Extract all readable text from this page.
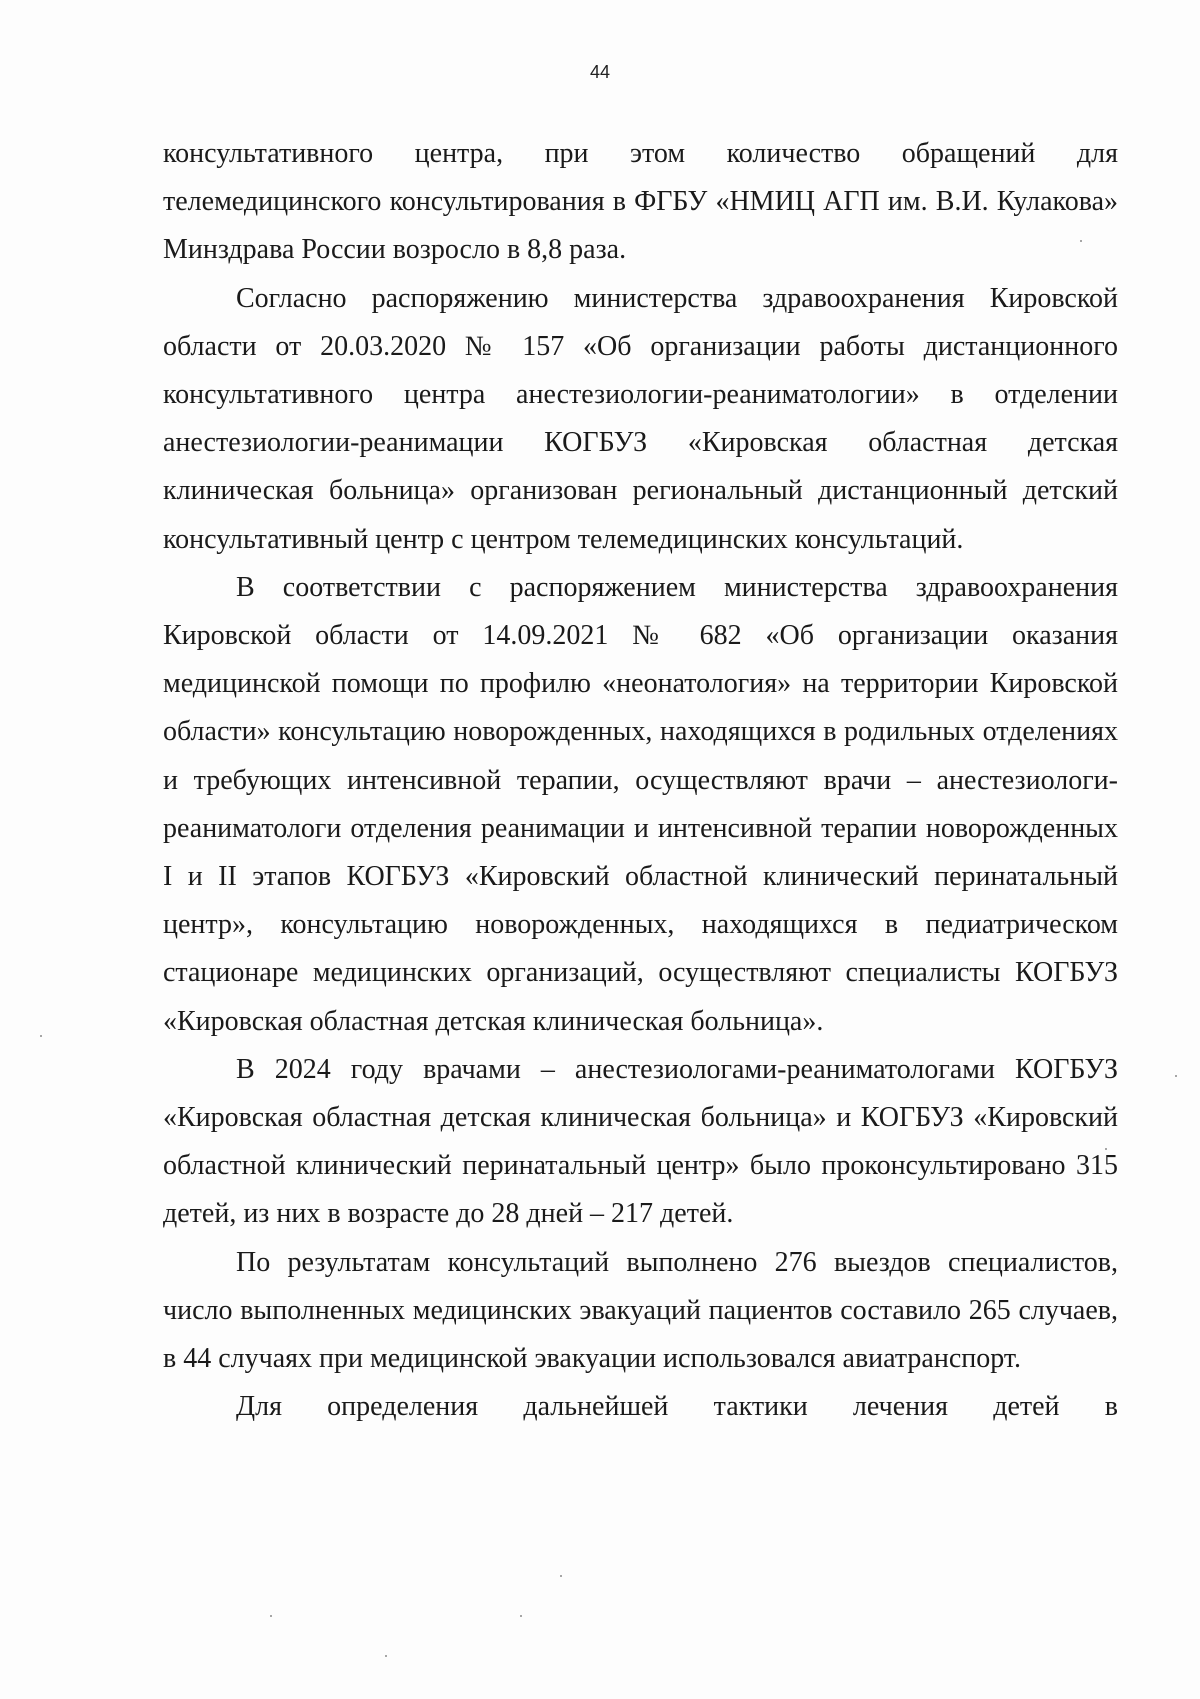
44

консультативного центра, при этом количество обращений для телемедицинского консультирования в ФГБУ «НМИЦ АГП им. В.И. Кулакова» Минздрава России возросло в 8,8 раза.

Согласно распоряжению министерства здравоохранения Кировской области от 20.03.2020 № 157 «Об организации работы дистанционного консультативного центра анестезиологии-реаниматологии» в отделении анестезиологии-реанимации КОГБУЗ «Кировская областная детская клиническая больница» организован региональный дистанционный детский консультативный центр с центром телемедицинских консультаций.

В соответствии с распоряжением министерства здравоохранения Кировской области от 14.09.2021 № 682 «Об организации оказания медицинской помощи по профилю «неонатология» на территории Кировской области» консультацию новорожденных, находящихся в родильных отделениях и требующих интенсивной терапии, осуществляют врачи – анестезиологи-реаниматологи отделения реанимации и интенсивной терапии новорожденных I и II этапов КОГБУЗ «Кировский областной клинический перинатальный центр», консультацию новорожденных, находящихся в педиатрическом стационаре медицинских организаций, осуществляют специалисты КОГБУЗ «Кировская областная детская клиническая больница».

В 2024 году врачами – анестезиологами-реаниматологами КОГБУЗ «Кировская областная детская клиническая больница» и КОГБУЗ «Кировский областной клинический перинатальный центр» было проконсультировано 315 детей, из них в возрасте до 28 дней – 217 детей.

По результатам консультаций выполнено 276 выездов специалистов, число выполненных медицинских эвакуаций пациентов составило 265 случаев, в 44 случаях при медицинской эвакуации использовался авиатранспорт.

Для определения дальнейшей тактики лечения детей в
